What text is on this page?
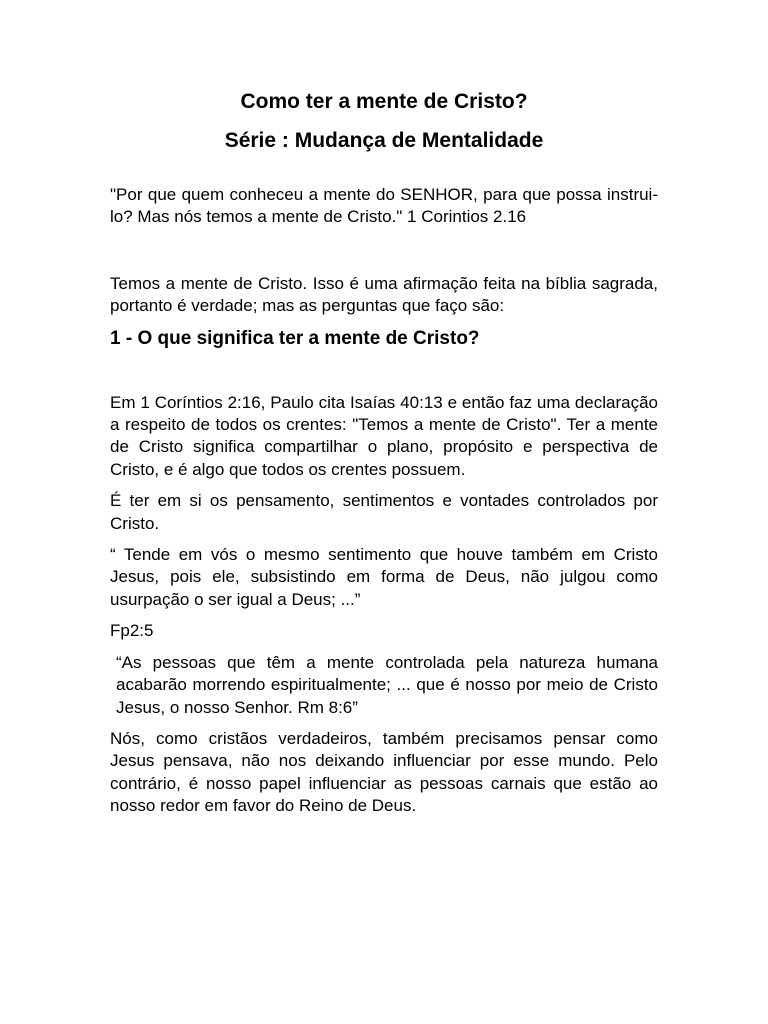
Como ter a mente de Cristo?
Série : Mudança de Mentalidade

"Por que quem conheceu a mente do SENHOR, para que possa instrui-lo? Mas nós temos a mente de Cristo." 1 Corintios 2.16

Temos a mente de Cristo. Isso é uma afirmação feita na bíblia sagrada, portanto é verdade; mas as perguntas que faço são:

1 - O que significa ter a mente de Cristo?

Em 1 Coríntios 2:16, Paulo cita Isaías 40:13 e então faz uma declaração a respeito de todos os crentes: "Temos a mente de Cristo". Ter a mente de Cristo significa compartilhar o plano, propósito e perspectiva de Cristo, e é algo que todos os crentes possuem.

É ter em si os pensamento, sentimentos e vontades controlados por Cristo.

“ Tende em vós o mesmo sentimento que houve também em Cristo Jesus, pois ele, subsistindo em forma de Deus, não julgou como usurpação o ser igual a Deus; ...”

Fp2:5

“As pessoas que têm a mente controlada pela natureza humana acabarão morrendo espiritualmente; ... que é nosso por meio de Cristo Jesus, o nosso Senhor. Rm 8:6”

Nós, como cristãos verdadeiros, também precisamos pensar como Jesus pensava, não nos deixando influenciar por esse mundo. Pelo contrário, é nosso papel influenciar as pessoas carnais que estão ao nosso redor em favor do Reino de Deus.
